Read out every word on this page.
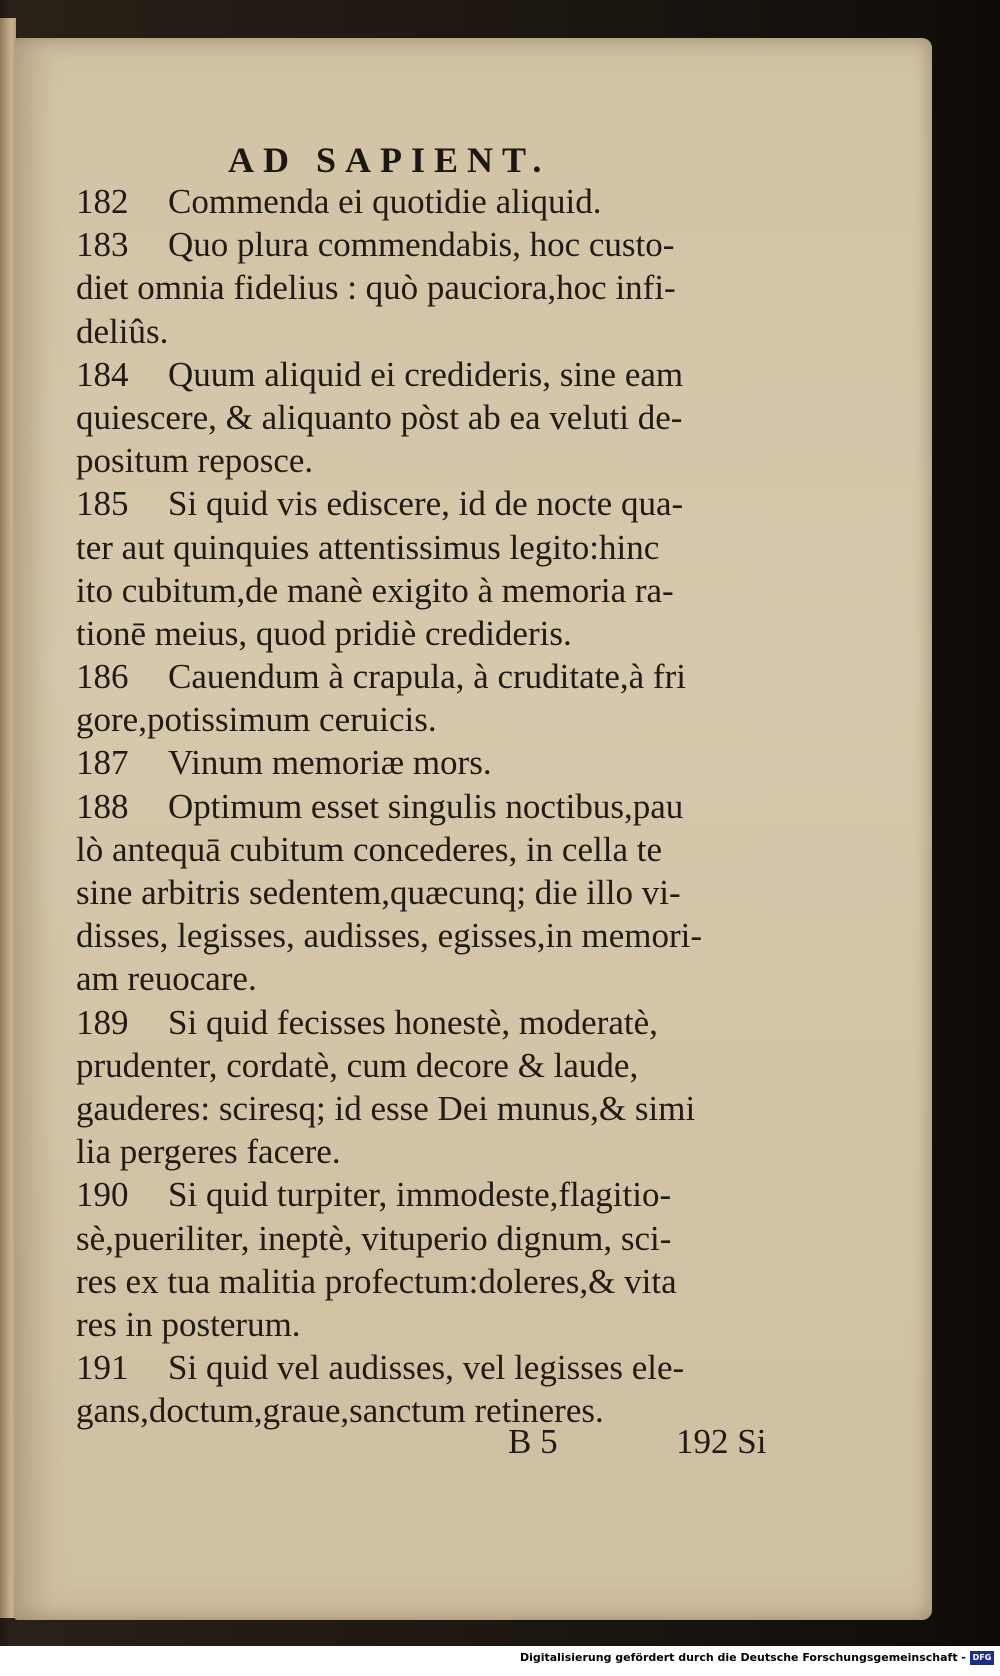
AD SAPIENT.
182 Commenda ei quotidie aliquid.
183 Quo plura commendabis, hoc custo-
diet omnia fidelius : quò pauciora,hoc infi-
deliûs.
184 Quum aliquid ei credideris, sine eam
quiescere, & aliquanto pòst ab ea veluti de-
positum reposce.
185 Si quid vis ediscere, id de nocte qua-
ter aut quinquies attentissimus legito:hinc
ito cubitum,de manè exigito à memoria ra-
tionē meius, quod pridiè credideris.
186 Cauendum à crapula, à cruditate,à fri
gore,potissimum ceruicis.
187 Vinum memoriæ mors.
188 Optimum esset singulis noctibus,pau
lò antequā cubitum concederes, in cella te
sine arbitris sedentem,quæcunq; die illo vi-
disses, legisses, audisses, egisses,in memori-
am reuocare.
189 Si quid fecisses honestè, moderatè,
prudenter, cordatè, cum decore & laude,
gauderes: sciresq; id esse Dei munus,& simi
lia pergeres facere.
190 Si quid turpiter, immodeste,flagitio-
sè,pueriliter, ineptè, vituperio dignum, sci-
res ex tua malitia profectum:doleres,& vita
res in posterum.
191 Si quid vel audisses, vel legisses ele-
gans,doctum,graue,sanctum retineres.
B 5	192 Si
Digitalisierung gefördert durch die Deutsche Forschungsgemeinschaft - DFG
